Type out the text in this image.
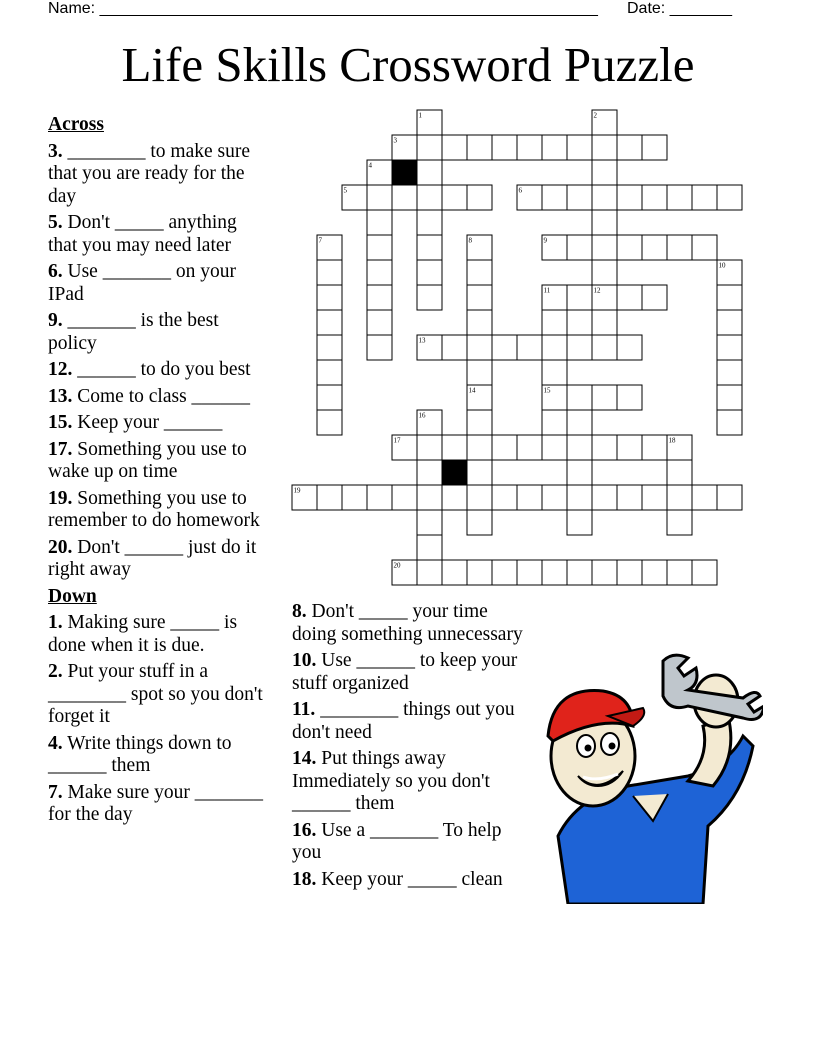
Name: ________________________________________________________ Date: _______
Life Skills Crossword Puzzle
Across
3. ________ to make sure that you are ready for the day
5. Don't _____ anything that you may need later
6. Use _______ on your IPad
9. _______ is the best policy
12. ______ to do you best
13. Come to class ______
15. Keep your ______
17. Something you use to wake up on time
19. Something you use to remember to do homework
20. Don't ______ just do it right away
Down
1. Making sure _____ is done when it is due.
2. Put your stuff in a ________ spot so you don't forget it
4. Write things down to ______ them
7. Make sure your _______ for the day
8. Don't _____ your time doing something unnecessary
10. Use ______ to keep your stuff organized
11. ________ things out you don't need
14. Put things away Immediately so you don't ______ them
16. Use a _______ To help you
18. Keep your _____ clean
1	2
3
4
5	6
7	8	9
10
11	12
13
14	15
16
17	18
19
20
